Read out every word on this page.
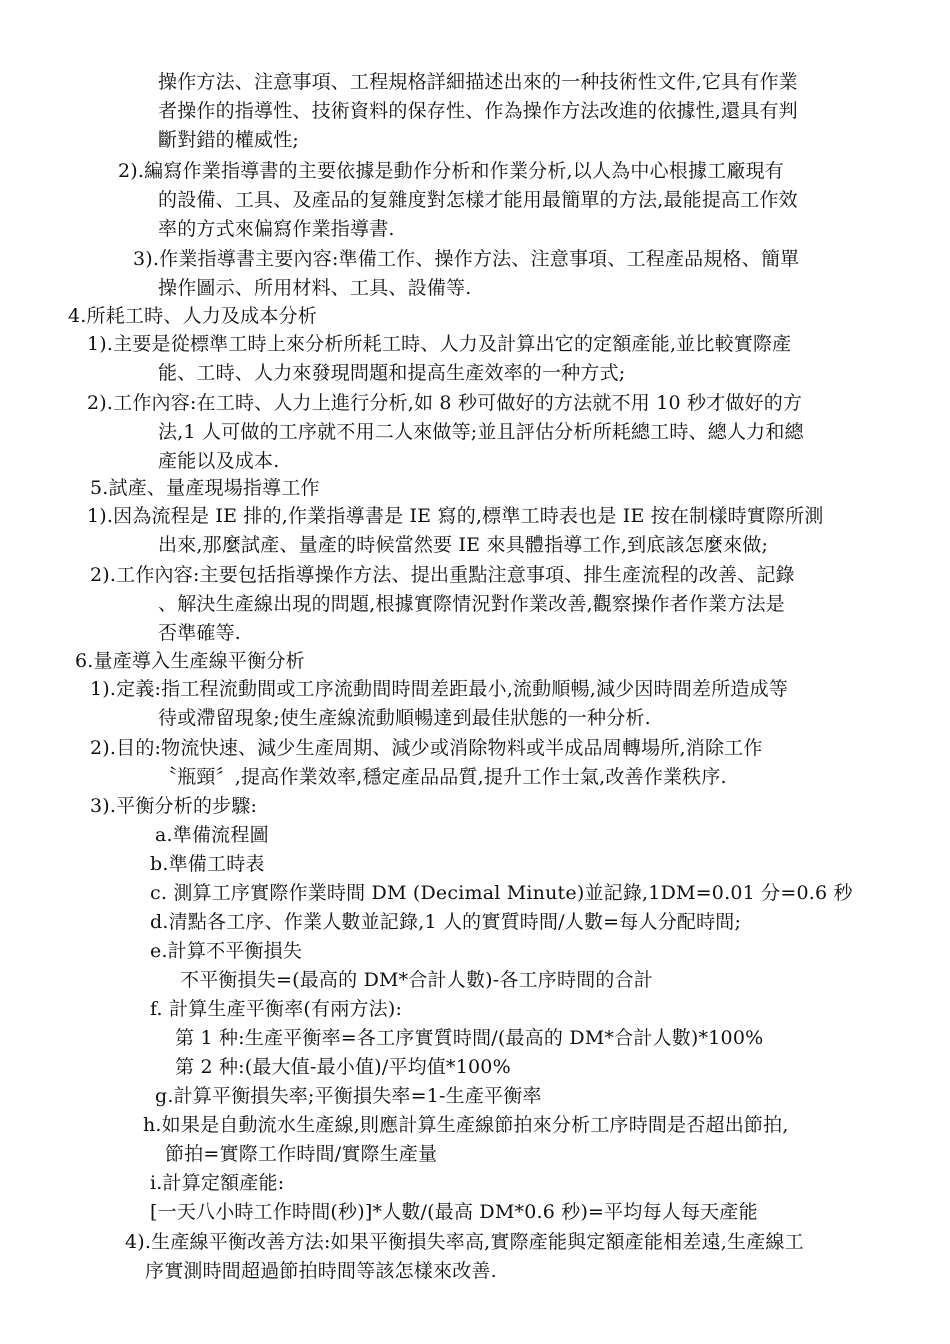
操作方法、注意事項、工程規格詳細描述出來的一种技術性文件,它具有作業
者操作的指導性、技術資料的保存性、作為操作方法改進的依據性,還具有判
斷對錯的權威性;
2).編寫作業指導書的主要依據是動作分析和作業分析,以人為中心根據工廠現有
的設備、工具、及產品的复雜度對怎樣才能用最簡單的方法,最能提高工作效
率的方式來偏寫作業指導書.
3).作業指導書主要內容:準備工作、操作方法、注意事項、工程產品規格、簡單
操作圖示、所用材料、工具、設備等.
4.所耗工時、人力及成本分析
1).主要是從標準工時上來分析所耗工時、人力及計算出它的定額產能,並比較實際產
能、工時、人力來發現問題和提高生產效率的一种方式;
2).工作內容:在工時、人力上進行分析,如 8 秒可做好的方法就不用 10 秒才做好的方
法,1 人可做的工序就不用二人來做等;並且評估分析所耗總工時、總人力和總
產能以及成本.
5.試產、量產現場指導工作
1).因為流程是 IE 排的,作業指導書是 IE 寫的,標準工時表也是 IE 按在制樣時實際所測
出來,那麼試產、量產的時候當然要 IE 來具體指導工作,到底該怎麼來做;
2).工作內容:主要包括指導操作方法、提出重點注意事項、排生產流程的改善、記錄
、解決生產線出現的問題,根據實際情況對作業改善,觀察操作者作業方法是
否準確等.
6.量產導入生產線平衡分析
1).定義:指工程流動間或工序流動間時間差距最小,流動順暢,減少因時間差所造成等
待或滯留現象;使生產線流動順暢達到最佳狀態的一种分析.
2).目的:物流快速、減少生產周期、減少或消除物料或半成品周轉場所,消除工作
〝瓶頸〞,提高作業效率,穩定產品品質,提升工作士氣,改善作業秩序.
3).平衡分析的步驟:
a.準備流程圖
b.準備工時表
c. 測算工序實際作業時間 DM (Decimal Minute)並記錄,1DM=0.01 分=0.6 秒
d.清點各工序、作業人數並記錄,1 人的實質時間/人數=每人分配時間;
e.計算不平衡損失
不平衡損失=(最高的 DM*合計人數)-各工序時間的合計
f. 計算生產平衡率(有兩方法):
第 1 种:生產平衡率=各工序實質時間/(最高的 DM*合計人數)*100%
第 2 种:(最大值-最小值)/平均值*100%
g.計算平衡損失率;平衡損失率=1-生產平衡率
h.如果是自動流水生產線,則應計算生產線節拍來分析工序時間是否超出節拍,
節拍=實際工作時間/實際生產量
i.計算定額產能:
[一天八小時工作時間(秒)]*人數/(最高 DM*0.6 秒)=平均每人每天產能
4).生產線平衡改善方法:如果平衡損失率高,實際產能與定額產能相差遠,生產線工
序實測時間超過節拍時間等該怎樣來改善.
